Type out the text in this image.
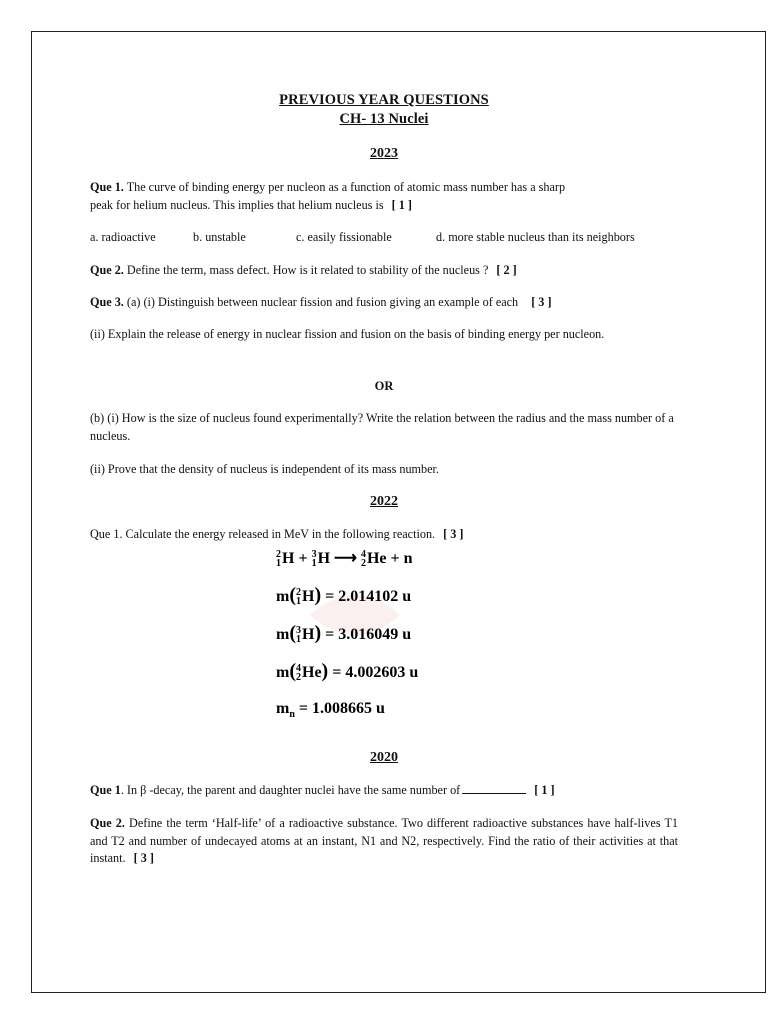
PREVIOUS YEAR QUESTIONS
CH- 13 Nuclei
2023
Que 1. The curve of binding energy per nucleon as a function of atomic mass number has a sharp
peak for helium nucleus. This implies that helium nucleus is [ 1 ]
a. radioactive	b. unstable	c. easily fissionable	d. more stable nucleus than its neighbors
Que 2. Define the term, mass defect. How is it related to stability of the nucleus ? [ 2 ]
Que 3. (a) (i) Distinguish between nuclear fission and fusion giving an example of each [ 3 ]
(ii) Explain the release of energy in nuclear fission and fusion on the basis of binding energy per nucleon.
OR
(b) (i) How is the size of nucleus found experimentally? Write the relation between the radius and the mass number of a nucleus.
(ii) Prove that the density of nucleus is independent of its mass number.
2022
Que 1. Calculate the energy released in MeV in the following reaction. [ 3 ]
2
1 H + 3
1 H ⟶ 4
2 He + n
m( 2
1 H) = 2.014102 u
m( 3
1 H) = 3.016049 u
m( 4
2 He) = 4.002603 u
$m_n = 1.008665$ u
2020
Que 1. In β -decay, the parent and daughter nuclei have the same number of	[ 1 ]
Que 2. Define the term ‘Half-life’ of a radioactive substance. Two different radioactive substances have half-lives T1 and T2 and number of undecayed atoms at an instant, N1 and N2, respectively. Find the ratio of their activities at that instant. [ 3 ]
